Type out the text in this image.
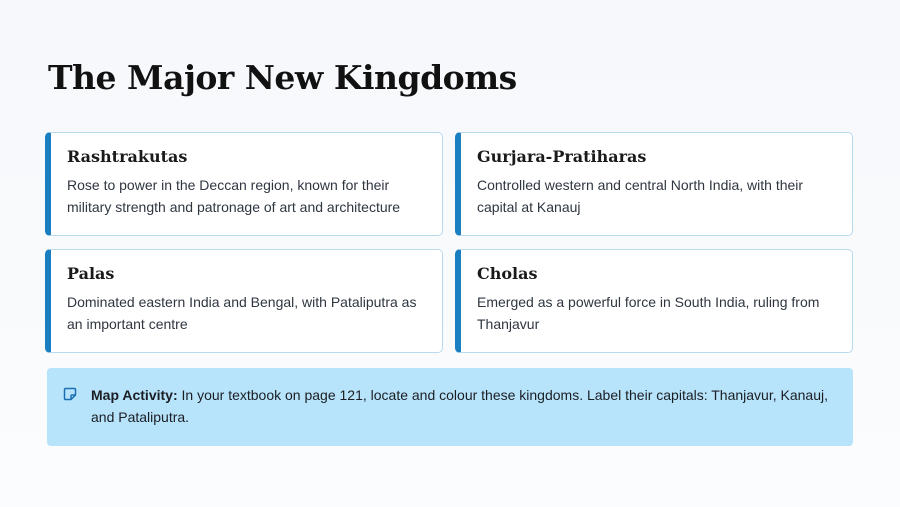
The Major New Kingdoms
Rashtrakutas

Rose to power in the Deccan region, known for their military strength and patronage of art and architecture

Gurjara-Pratiharas

Controlled western and central North India, with their capital at Kanauj

Palas

Dominated eastern India and Bengal, with Pataliputra as an important centre

Cholas

Emerged as a powerful force in South India, ruling from Thanjavur

Map Activity: In your textbook on page 121, locate and colour these kingdoms. Label their capitals: Thanjavur, Kanauj, and Pataliputra.
